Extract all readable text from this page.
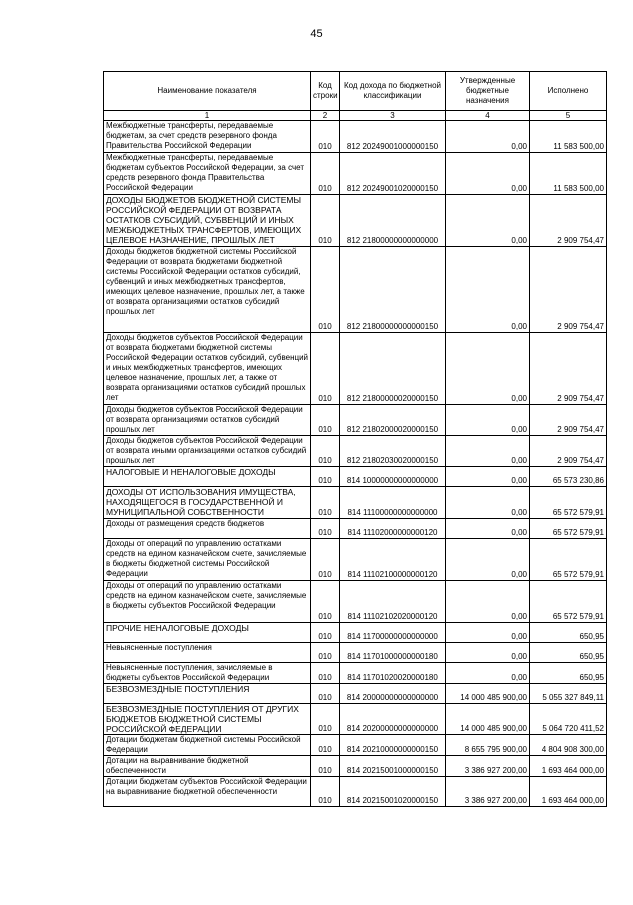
45
Наименование показателя	Код строки	Код дохода по бюджетной классификации	Утвержденные бюджетные назначения	Исполнено
1	2	3	4	5
Межбюджетные трансферты, передаваемые бюджетам, за счет средств резервного фонда Правительства Российской Федерации	010	812 20249001000000150	0,00	11 583 500,00
Межбюджетные трансферты, передаваемые бюджетам субъектов Российской Федерации, за счет средств резервного фонда Правительства Российской Федерации	010	812 20249001020000150	0,00	11 583 500,00
ДОХОДЫ БЮДЖЕТОВ БЮДЖЕТНОЙ СИСТЕМЫ РОССИЙСКОЙ ФЕДЕРАЦИИ ОТ ВОЗВРАТА ОСТАТКОВ СУБСИДИЙ, СУБВЕНЦИЙ И ИНЫХ МЕЖБЮДЖЕТНЫХ ТРАНСФЕРТОВ, ИМЕЮЩИХ ЦЕЛЕВОЕ НАЗНАЧЕНИЕ, ПРОШЛЫХ ЛЕТ	010	812 21800000000000000	0,00	2 909 754,47
Доходы бюджетов бюджетной системы Российской Федерации от возврата бюджетами бюджетной системы Российской Федерации остатков субсидий, субвенций и иных межбюджетных трансфертов, имеющих целевое назначение, прошлых лет, а также от возврата организациями остатков субсидий прошлых лет	010	812 21800000000000150	0,00	2 909 754,47
Доходы бюджетов субъектов Российской Федерации от возврата бюджетами бюджетной системы Российской Федерации остатков субсидий, субвенций и иных межбюджетных трансфертов, имеющих целевое назначение, прошлых лет, а также от возврата организациями остатков субсидий прошлых лет	010	812 21800000020000150	0,00	2 909 754,47
Доходы бюджетов субъектов Российской Федерации от возврата организациями остатков субсидий прошлых лет	010	812 21802000020000150	0,00	2 909 754,47
Доходы бюджетов субъектов Российской Федерации от возврата иными организациями остатков субсидий прошлых лет	010	812 21802030020000150	0,00	2 909 754,47
НАЛОГОВЫЕ И НЕНАЛОГОВЫЕ ДОХОДЫ	010	814 10000000000000000	0,00	65 573 230,86
ДОХОДЫ ОТ ИСПОЛЬЗОВАНИЯ ИМУЩЕСТВА, НАХОДЯЩЕГОСЯ В ГОСУДАРСТВЕННОЙ И МУНИЦИПАЛЬНОЙ СОБСТВЕННОСТИ	010	814 11100000000000000	0,00	65 572 579,91
Доходы от размещения средств бюджетов	010	814 11102000000000120	0,00	65 572 579,91
Доходы от операций по управлению остатками средств на едином казначейском счете, зачисляемые в бюджеты бюджетной системы Российской Федерации	010	814 11102100000000120	0,00	65 572 579,91
Доходы от операций по управлению остатками средств на едином казначейском счете, зачисляемые в бюджеты субъектов Российской Федерации	010	814 11102102020000120	0,00	65 572 579,91
ПРОЧИЕ НЕНАЛОГОВЫЕ ДОХОДЫ	010	814 11700000000000000	0,00	650,95
Невыясненные поступления	010	814 11701000000000180	0,00	650,95
Невыясненные поступления, зачисляемые в бюджеты субъектов Российской Федерации	010	814 11701020020000180	0,00	650,95
БЕЗВОЗМЕЗДНЫЕ ПОСТУПЛЕНИЯ	010	814 20000000000000000	14 000 485 900,00	5 055 327 849,11
БЕЗВОЗМЕЗДНЫЕ ПОСТУПЛЕНИЯ ОТ ДРУГИХ БЮДЖЕТОВ БЮДЖЕТНОЙ СИСТЕМЫ РОССИЙСКОЙ ФЕДЕРАЦИИ	010	814 20200000000000000	14 000 485 900,00	5 064 720 411,52
Дотации бюджетам бюджетной системы Российской Федерации	010	814 20210000000000150	8 655 795 900,00	4 804 908 300,00
Дотации на выравнивание бюджетной обеспеченности	010	814 20215001000000150	3 386 927 200,00	1 693 464 000,00
Дотации бюджетам субъектов Российской Федерации на выравнивание бюджетной обеспеченности	010	814 20215001020000150	3 386 927 200,00	1 693 464 000,00
